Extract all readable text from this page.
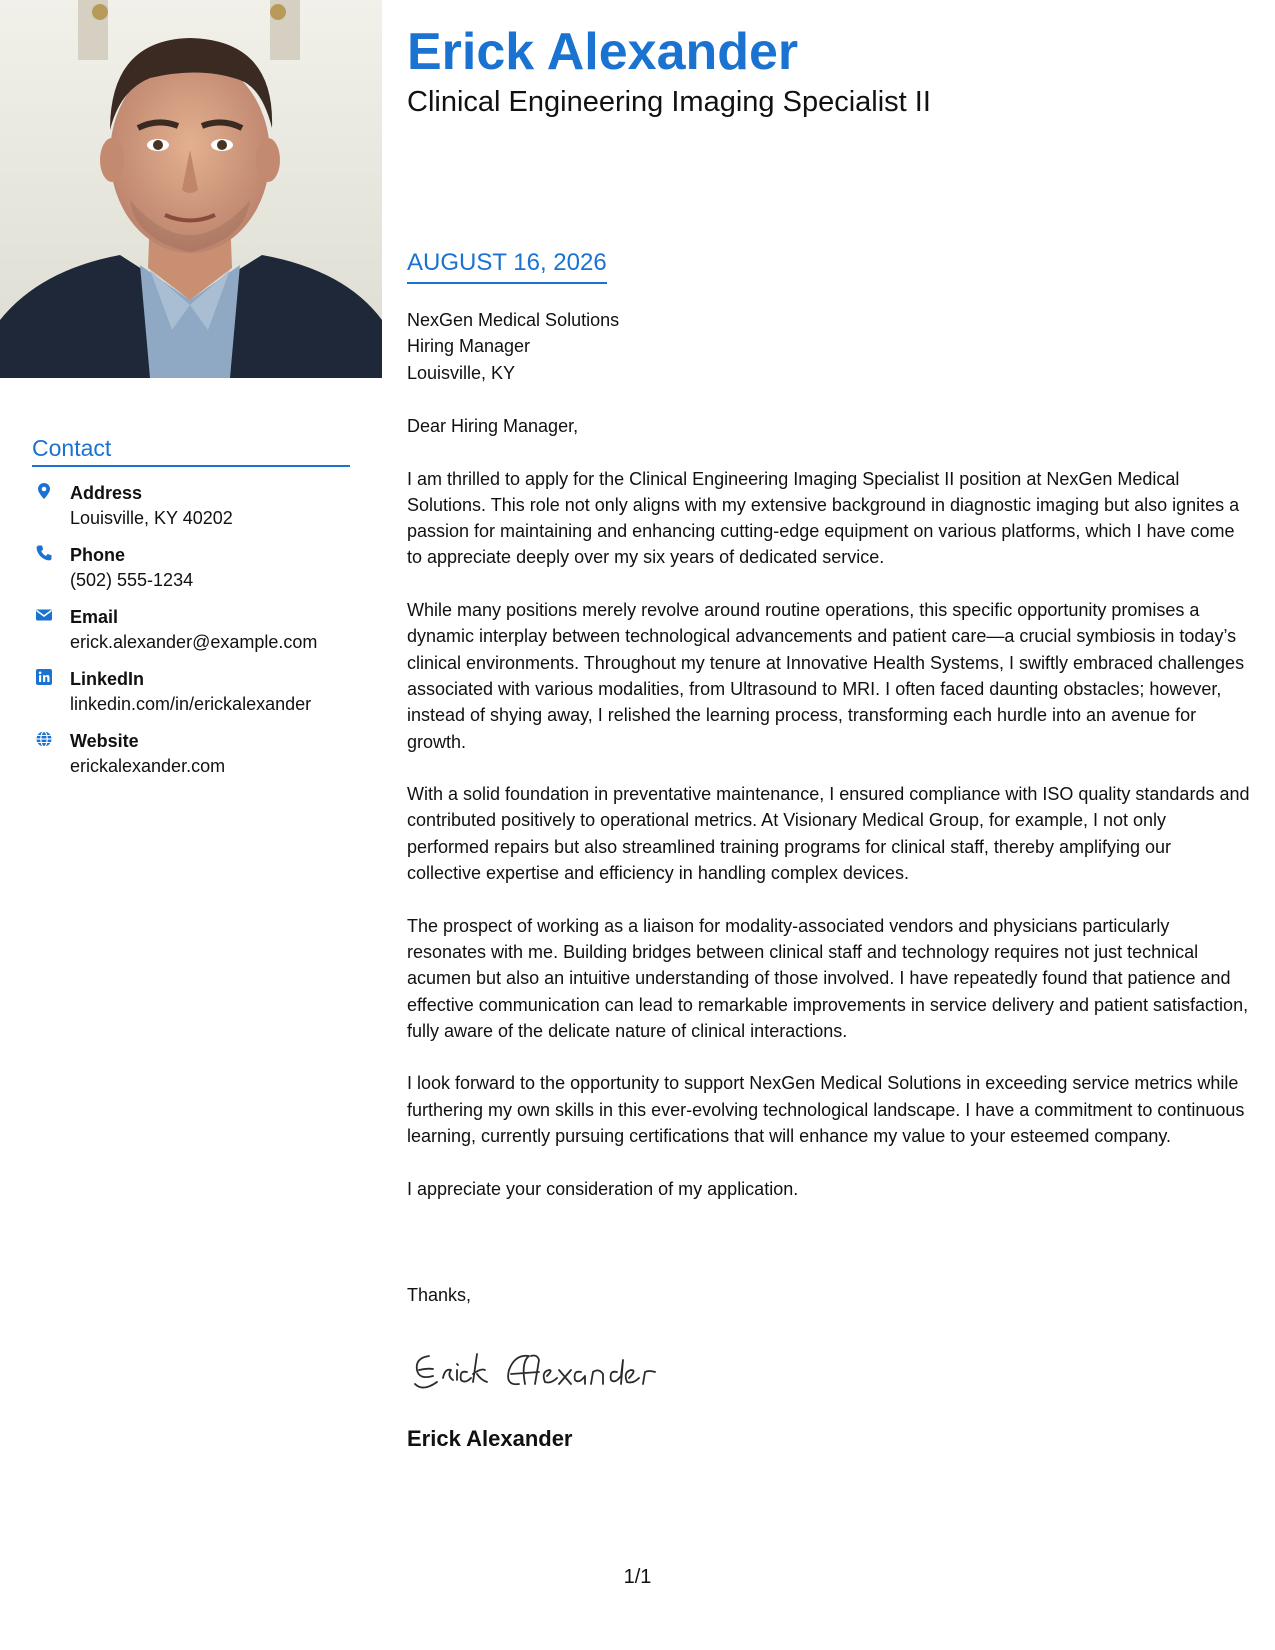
Contact
Address
Louisville, KY 40202
Phone
(502) 555-1234
Email
erick.alexander@example.com
LinkedIn
linkedin.com/in/erickalexander
Website
erickalexander.com
Erick Alexander
Clinical Engineering Imaging Specialist II
AUGUST 16, 2026
NexGen Medical Solutions
Hiring Manager
Louisville, KY

Dear Hiring Manager,

I am thrilled to apply for the Clinical Engineering Imaging Specialist II position at NexGen Medical Solutions. This role not only aligns with my extensive background in diagnostic imaging but also ignites a passion for maintaining and enhancing cutting-edge equipment on various platforms, which I have come to appreciate deeply over my six years of dedicated service.

While many positions merely revolve around routine operations, this specific opportunity promises a dynamic interplay between technological advancements and patient care—a crucial symbiosis in today’s clinical environments. Throughout my tenure at Innovative Health Systems, I swiftly embraced challenges associated with various modalities, from Ultrasound to MRI. I often faced daunting obstacles; however, instead of shying away, I relished the learning process, transforming each hurdle into an avenue for growth.

With a solid foundation in preventative maintenance, I ensured compliance with ISO quality standards and contributed positively to operational metrics. At Visionary Medical Group, for example, I not only performed repairs but also streamlined training programs for clinical staff, thereby amplifying our collective expertise and efficiency in handling complex devices.

The prospect of working as a liaison for modality-associated vendors and physicians particularly resonates with me. Building bridges between clinical staff and technology requires not just technical acumen but also an intuitive understanding of those involved. I have repeatedly found that patience and effective communication can lead to remarkable improvements in service delivery and patient satisfaction, fully aware of the delicate nature of clinical interactions.

I look forward to the opportunity to support NexGen Medical Solutions in exceeding service metrics while furthering my own skills in this ever-evolving technological landscape. I have a commitment to continuous learning, currently pursuing certifications that will enhance my value to your esteemed company.

I appreciate your consideration of my application.

Thanks,
Erick Alexander
1/1
